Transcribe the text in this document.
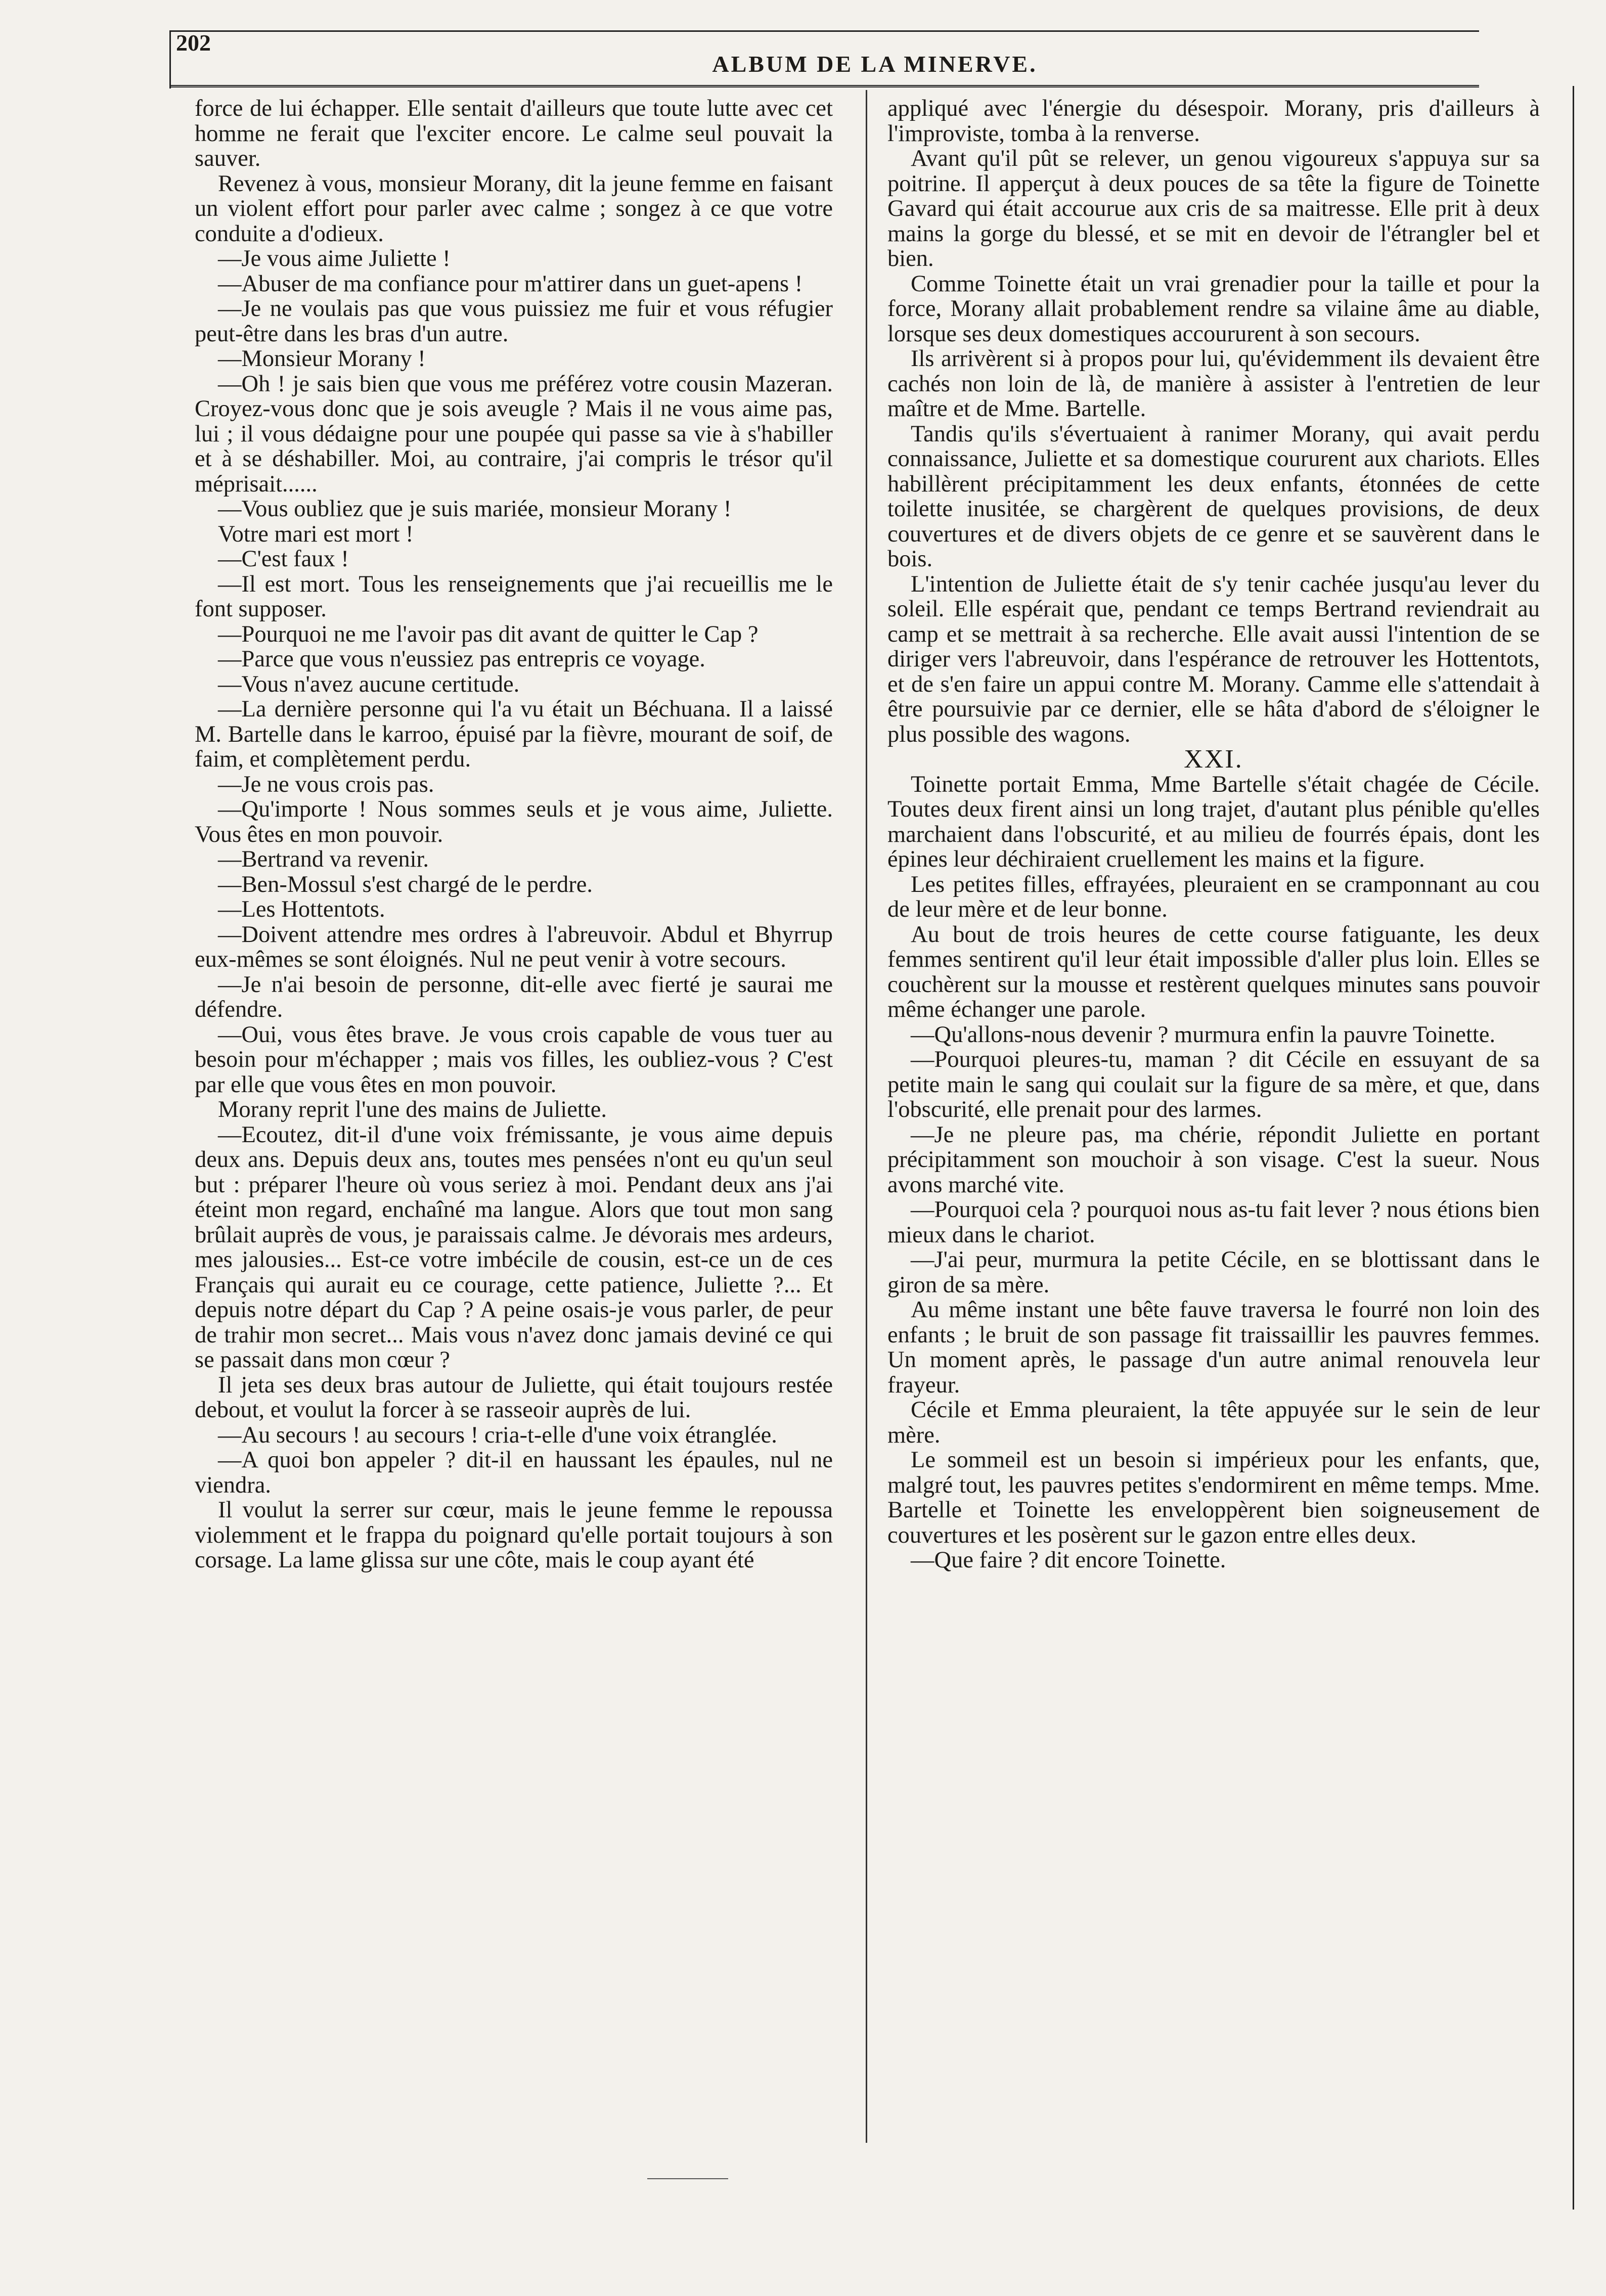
202
ALBUM DE LA MINERVE.

force de lui échapper. Elle sentait d'ailleurs que toute lutte avec cet homme ne ferait que l'exciter encore. Le calme seul pouvait la sauver.

Revenez à vous, monsieur Morany, dit la jeune femme en faisant un violent effort pour parler avec calme ; songez à ce que votre conduite a d'odieux.

—Je vous aime Juliette !

—Abuser de ma confiance pour m'attirer dans un guet-apens !

—Je ne voulais pas que vous puissiez me fuir et vous réfugier peut-être dans les bras d'un autre.

—Monsieur Morany !

—Oh ! je sais bien que vous me préférez votre cousin Mazeran. Croyez-vous donc que je sois aveugle ? Mais il ne vous aime pas, lui ; il vous dédaigne pour une poupée qui passe sa vie à s'habiller et à se déshabiller. Moi, au contraire, j'ai compris le trésor qu'il méprisait......

—Vous oubliez que je suis mariée, monsieur Morany !

Votre mari est mort !

—C'est faux !

—Il est mort. Tous les renseignements que j'ai recueillis me le font supposer.

—Pourquoi ne me l'avoir pas dit avant de quitter le Cap ?

—Parce que vous n'eussiez pas entrepris ce voyage.

—Vous n'avez aucune certitude.

—La dernière personne qui l'a vu était un Béchuana. Il a laissé M. Bartelle dans le karroo, épuisé par la fièvre, mourant de soif, de faim, et complètement perdu.

—Je ne vous crois pas.

—Qu'importe ! Nous sommes seuls et je vous aime, Juliette. Vous êtes en mon pouvoir.

—Bertrand va revenir.

—Ben-Mossul s'est chargé de le perdre.

—Les Hottentots.

—Doivent attendre mes ordres à l'abreuvoir. Abdul et Bhyrrup eux-mêmes se sont éloignés. Nul ne peut venir à votre secours.

—Je n'ai besoin de personne, dit-elle avec fierté je saurai me défendre.

—Oui, vous êtes brave. Je vous crois capable de vous tuer au besoin pour m'échapper ; mais vos filles, les oubliez-vous ? C'est par elle que vous êtes en mon pouvoir.

Morany reprit l'une des mains de Juliette.

—Ecoutez, dit-il d'une voix frémissante, je vous aime depuis deux ans. Depuis deux ans, toutes mes pensées n'ont eu qu'un seul but : préparer l'heure où vous seriez à moi. Pendant deux ans j'ai éteint mon regard, enchaîné ma langue. Alors que tout mon sang brûlait auprès de vous, je paraissais calme. Je dévorais mes ardeurs, mes jalousies... Est-ce votre imbécile de cousin, est-ce un de ces Français qui aurait eu ce courage, cette patience, Juliette ?... Et depuis notre départ du Cap ? A peine osais-je vous parler, de peur de trahir mon secret... Mais vous n'avez donc jamais deviné ce qui se passait dans mon cœur ?

Il jeta ses deux bras autour de Juliette, qui était toujours restée debout, et voulut la forcer à se rasseoir auprès de lui.

—Au secours ! au secours ! cria-t-elle d'une voix étranglée.

—A quoi bon appeler ? dit-il en haussant les épaules, nul ne viendra.

Il voulut la serrer sur cœur, mais le jeune femme le repoussa violemment et le frappa du poignard qu'elle portait toujours à son corsage. La lame glissa sur une côte, mais le coup ayant été

appliqué avec l'énergie du désespoir. Morany, pris d'ailleurs à l'improviste, tomba à la renverse.

Avant qu'il pût se relever, un genou vigoureux s'appuya sur sa poitrine. Il apperçut à deux pouces de sa tête la figure de Toinette Gavard qui était accourue aux cris de sa maitresse. Elle prit à deux mains la gorge du blessé, et se mit en devoir de l'étrangler bel et bien.

Comme Toinette était un vrai grenadier pour la taille et pour la force, Morany allait probablement rendre sa vilaine âme au diable, lorsque ses deux domestiques accoururent à son secours.

Ils arrivèrent si à propos pour lui, qu'évidemment ils devaient être cachés non loin de là, de manière à assister à l'entretien de leur maître et de Mme. Bartelle.

Tandis qu'ils s'évertuaient à ranimer Morany, qui avait perdu connaissance, Juliette et sa domestique coururent aux chariots. Elles habillèrent précipitamment les deux enfants, étonnées de cette toilette inusitée, se chargèrent de quelques provisions, de deux couvertures et de divers objets de ce genre et se sauvèrent dans le bois.

L'intention de Juliette était de s'y tenir cachée jusqu'au lever du soleil. Elle espérait que, pendant ce temps Bertrand reviendrait au camp et se mettrait à sa recherche. Elle avait aussi l'intention de se diriger vers l'abreuvoir, dans l'espérance de retrouver les Hottentots, et de s'en faire un appui contre M. Morany. Camme elle s'attendait à être poursuivie par ce dernier, elle se hâta d'abord de s'éloigner le plus possible des wagons.

XXI.

Toinette portait Emma, Mme Bartelle s'était chagée de Cécile. Toutes deux firent ainsi un long trajet, d'autant plus pénible qu'elles marchaient dans l'obscurité, et au milieu de fourrés épais, dont les épines leur déchiraient cruellement les mains et la figure.

Les petites filles, effrayées, pleuraient en se cramponnant au cou de leur mère et de leur bonne.

Au bout de trois heures de cette course fatiguante, les deux femmes sentirent qu'il leur était impossible d'aller plus loin. Elles se couchèrent sur la mousse et restèrent quelques minutes sans pouvoir même échanger une parole.

—Qu'allons-nous devenir ? murmura enfin la pauvre Toinette.

—Pourquoi pleures-tu, maman ? dit Cécile en essuyant de sa petite main le sang qui coulait sur la figure de sa mère, et que, dans l'obscurité, elle prenait pour des larmes.

—Je ne pleure pas, ma chérie, répondit Juliette en portant précipitamment son mouchoir à son visage. C'est la sueur. Nous avons marché vite.

—Pourquoi cela ? pourquoi nous as-tu fait lever ? nous étions bien mieux dans le chariot.

—J'ai peur, murmura la petite Cécile, en se blottissant dans le giron de sa mère.

Au même instant une bête fauve traversa le fourré non loin des enfants ; le bruit de son passage fit traissaillir les pauvres femmes. Un moment après, le passage d'un autre animal renouvela leur frayeur.

Cécile et Emma pleuraient, la tête appuyée sur le sein de leur mère.

Le sommeil est un besoin si impérieux pour les enfants, que, malgré tout, les pauvres petites s'endormirent en même temps. Mme. Bartelle et Toinette les enveloppèrent bien soigneusement de couvertures et les posèrent sur le gazon entre elles deux.

—Que faire ? dit encore Toinette.
